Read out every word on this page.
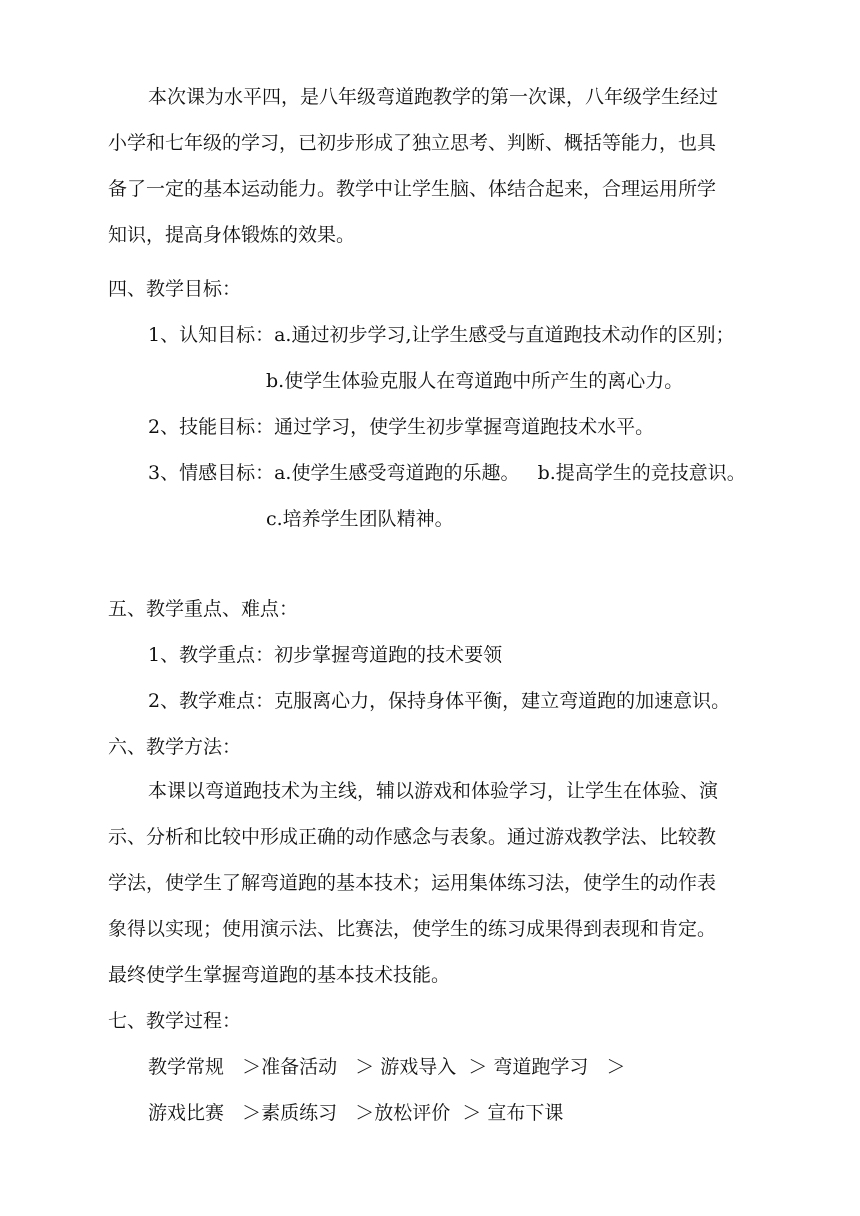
本次课为水平四，是八年级弯道跑教学的第一次课，八年级学生经过
小学和七年级的学习，已初步形成了独立思考、判断、概括等能力，也具
备了一定的基本运动能力。教学中让学生脑、体结合起来，合理运用所学
知识，提高身体锻炼的效果。
四、教学目标：
1、认知目标：a.通过初步学习,让学生感受与直道跑技术动作的区别；
b.使学生体验克服人在弯道跑中所产生的离心力。
2、技能目标：通过学习，使学生初步掌握弯道跑技术水平。
3、情感目标：a.使学生感受弯道跑的乐趣。   b.提高学生的竞技意识。
c.培养学生团队精神。
五、教学重点、难点：
1、教学重点：初步掌握弯道跑的技术要领
2、教学难点：克服离心力，保持身体平衡，建立弯道跑的加速意识。
六、教学方法：
本课以弯道跑技术为主线，辅以游戏和体验学习，让学生在体验、演
示、分析和比较中形成正确的动作感念与表象。通过游戏教学法、比较教
学法，使学生了解弯道跑的基本技术；运用集体练习法，使学生的动作表
象得以实现；使用演示法、比赛法，使学生的练习成果得到表现和肯定。
最终使学生掌握弯道跑的基本技术技能。
七、教学过程：
教学常规   ＞准备活动   ＞ 游戏导入  ＞ 弯道跑学习   ＞
游戏比赛   ＞素质练习   ＞放松评价  ＞ 宣布下课
